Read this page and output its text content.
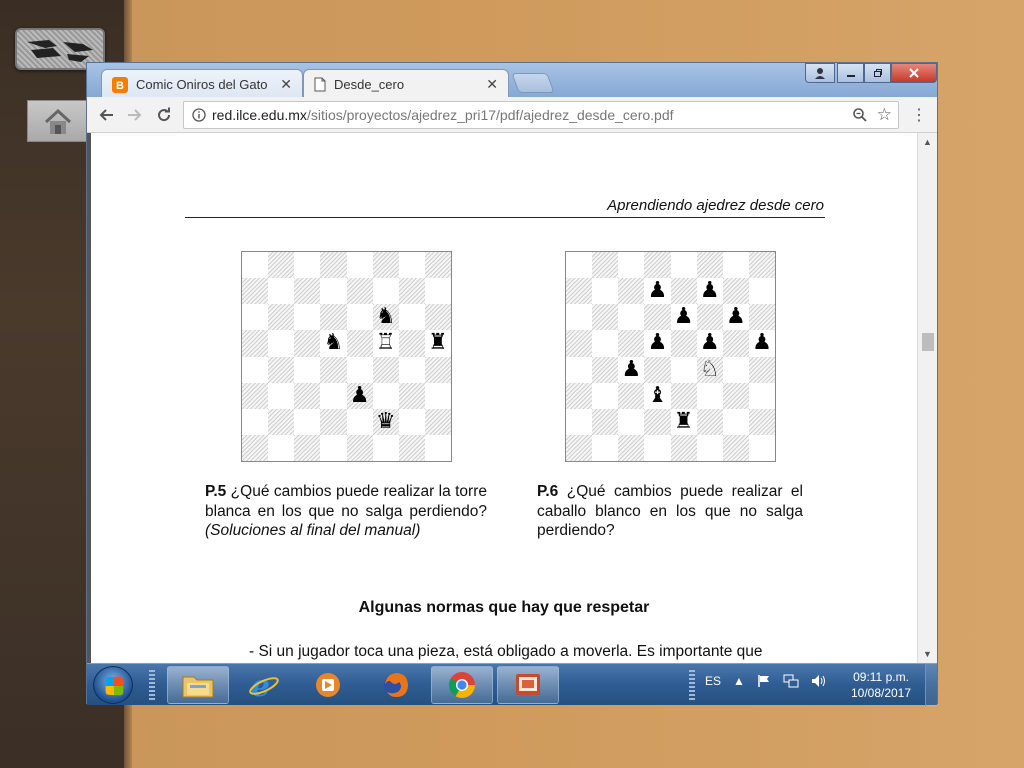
B Comic Oniros del Gato ✕	Desde_cero	✕
red.ilce.edu.mx /sitios/proyectos/ajedrez_pri17/pdf/ajedrez_desde_cero.pdf	☆ ⋮
Aprendiendo ajedrez desde cero
♞
♞ ♖ ♜
♟
♛
♟ ♟
♟ ♟
♟ ♟ ♟
♟	♘
♝
♜
P.5 ¿Qué cambios puede realizar la torre blanca en los que no salga perdiendo? (Soluciones al final del manual)
P.6 ¿Qué cambios puede realizar el caballo blanco en los que no salga perdiendo?
Algunas normas que hay que respetar
- Si un jugador toca una pieza, está obligado a moverla. Es importante que
▲
▼
e	ES ▲	09:11 p.m.
10/08/2017
